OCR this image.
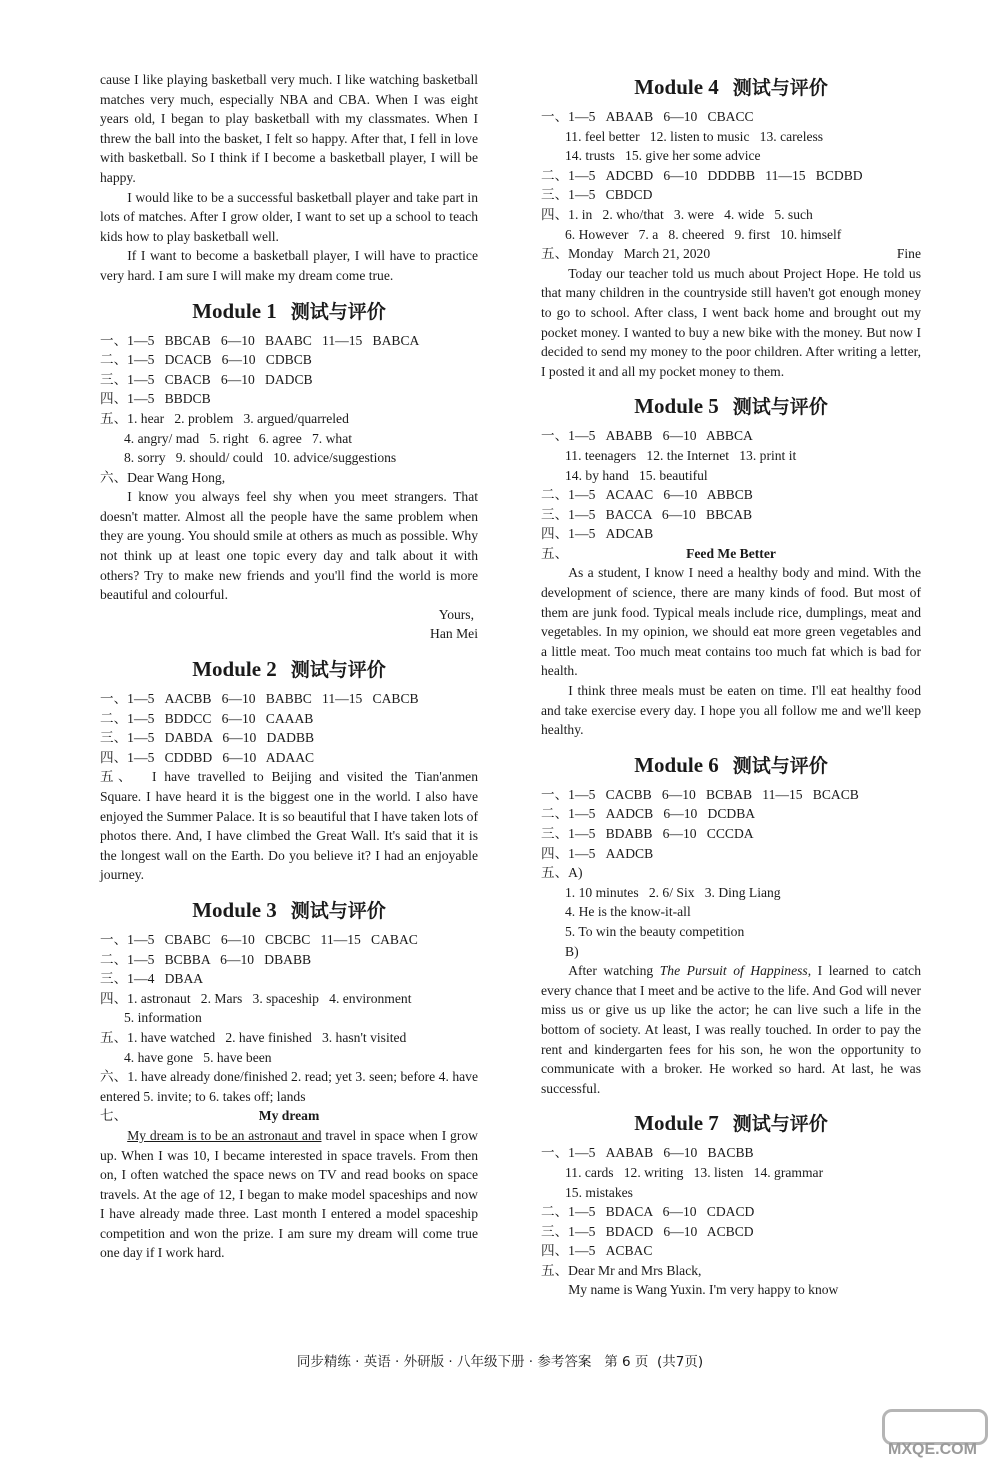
cause I like playing basketball very much. I like watching basketball matches very much, especially NBA and CBA. When I was eight years old, I began to play basketball with my classmates. When I threw the ball into the basket, I felt so happy. After that, I fell in love with basketball. So I think if I become a basketball player, I will be happy.

I would like to be a successful basketball player and take part in lots of matches. After I grow older, I want to set up a school to teach kids how to play basketball well.

If I want to become a basketball player, I will have to practice very hard. I am sure I will make my dream come true.

Module 1 测试与评价

一、1—5   BBCAB   6—10   BAABC   11—15   BABCA

二、1—5   DCACB   6—10   CDBCB

三、1—5   CBACB   6—10   DADCB

四、1—5   BBDCB

五、1. hear   2. problem   3. argued/quarreled

4. angry/ mad   5. right   6. agree   7. what

8. sorry   9. should/ could   10. advice/suggestions

六、Dear Wang Hong,

I know you always feel shy when you meet strangers. That doesn't matter. Almost all the people have the same problem when they are young. You should smile at others as much as possible. Why not think up at least one topic every day and talk about it with others? Try to make new friends and you'll find the world is more beautiful and colourful.

Yours,

Han Mei

Module 2 测试与评价

一、1—5   AACBB   6—10   BABBC   11—15   CABCB

二、1—5   BDDCC   6—10   CAAAB

三、1—5   DABDA   6—10   DADBB

四、1—5   CDDBD   6—10   ADAAC

五、 I have travelled to Beijing and visited the Tian'anmen Square. I have heard it is the biggest one in the world. I also have enjoyed the Summer Palace. It is so beautiful that I have taken lots of photos there. And, I have climbed the Great Wall. It's said that it is the longest wall on the Earth. Do you believe it? I had an enjoyable journey.

Module 3 测试与评价

一、1—5   CBABC   6—10   CBCBC   11—15   CABAC

二、1—5   BCBBA   6—10   DBABB

三、1—4   DBAA

四、1. astronaut   2. Mars   3. spaceship   4. environment

5. information

五、1. have watched   2. have finished   3. hasn't visited

4. have gone   5. have been

六、1. have already done/finished 2. read; yet 3. seen; before 4. have entered 5. invite; to 6. takes off; lands

七、	My dream

My dream is to be an astronaut and travel in space when I grow up. When I was 10, I became interested in space travels. From then on, I often watched the space news on TV and read books on space travels. At the age of 12, I began to make model spaceships and now I have already made three. Last month I entered a model spaceship competition and won the prize. I am sure my dream will come true one day if I work hard.

Module 4 测试与评价

一、1—5   ABAAB   6—10   CBACC

11. feel better   12. listen to music   13. careless

14. trusts   15. give her some advice

二、1—5   ADCBD   6—10   DDDBB   11—15   BCDBD

三、1—5   CBDCD

四、1. in   2. who/that   3. were   4. wide   5. such

6. However   7. a   8. cheered   9. first   10. himself

五、Monday   March 21, 2020	Fine

Today our teacher told us much about Project Hope. He told us that many children in the countryside still haven't got enough money to go to school. After class, I went back home and brought out my pocket money. I wanted to buy a new bike with the money. But now I decided to send my money to the poor children. After writing a letter, I posted it and all my pocket money to them.

Module 5 测试与评价

一、1—5   ABABB   6—10   ABBCA

11. teenagers   12. the Internet   13. print it

14. by hand   15. beautiful

二、1—5   ACAAC   6—10   ABBCB

三、1—5   BACCA   6—10   BBCAB

四、1—5   ADCAB

五、	Feed Me Better

As a student, I know I need a healthy body and mind. With the development of science, there are many kinds of food. But most of them are junk food. Typical meals include rice, dumplings, meat and vegetables. In my opinion, we should eat more green vegetables and a little meat. Too much meat contains too much fat which is bad for health.

I think three meals must be eaten on time. I'll eat healthy food and take exercise every day. I hope you all follow me and we'll keep healthy.

Module 6 测试与评价

一、1—5   CACBB   6—10   BCBAB   11—15   BCACB

二、1—5   AADCB   6—10   DCDBA

三、1—5   BDABB   6—10   CCCDA

四、1—5   AADCB

五、A)

1. 10 minutes   2. 6/ Six   3. Ding Liang

4. He is the know-it-all

5. To win the beauty competition

B)

After watching The Pursuit of Happiness, I learned to catch every chance that I meet and be active to the life. And God will never miss us or give us up like the actor; he can live such a life in the bottom of society. At least, I was really touched. In order to pay the rent and kindergarten fees for his son, he won the opportunity to communicate with a broker. He worked so hard. At last, he was successful.

Module 7 测试与评价

一、1—5   AABAB   6—10   BACBB

11. cards   12. writing   13. listen   14. grammar

15. mistakes

二、1—5   BDACA   6—10   CDACD

三、1—5   BDACD   6—10   ACBCD

四、1—5   ACBAC

五、Dear Mr and Mrs Black,

My name is Wang Yuxin. I'm very happy to know

同步精练 · 英语 · 外研版 · 八年级下册 · 参考答案   第 6 页  (共7页)
MXQE.COM
